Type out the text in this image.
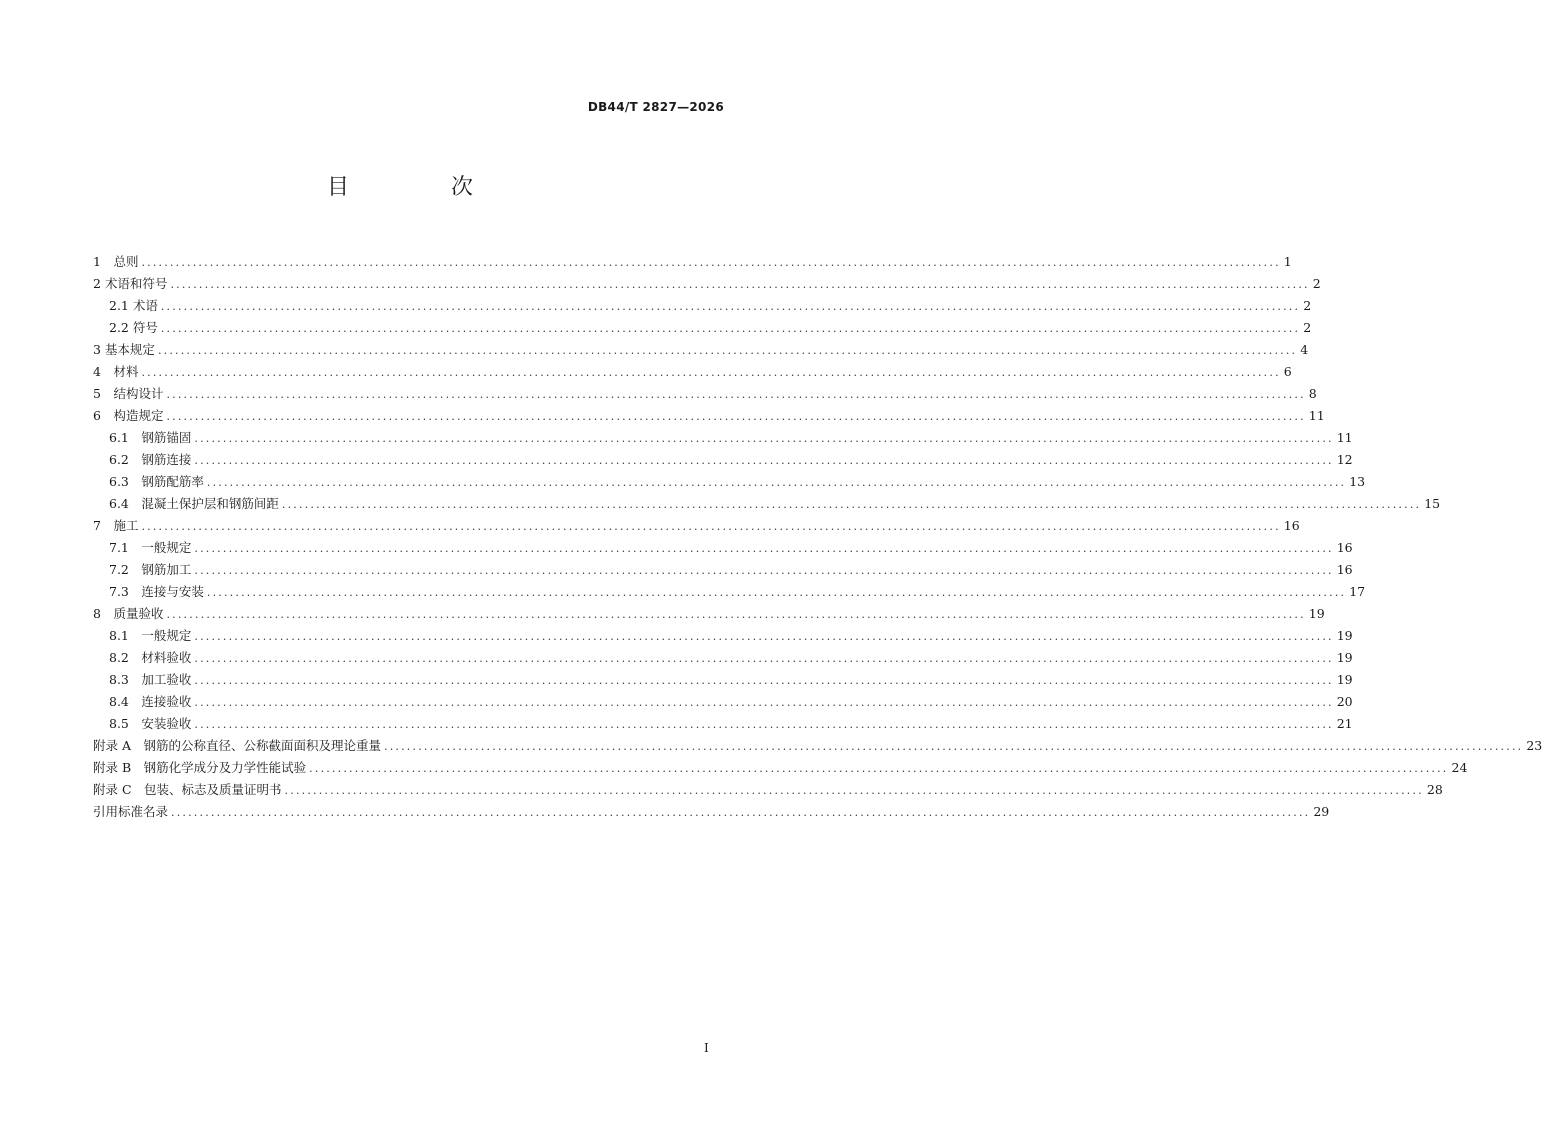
DB44/T 2827—2026
目　次
1　总则 ........................................................................................................................................................................................................ 1
2 术语和符号 ........................................................................................................................................................................................................ 2
2.1 术语 ........................................................................................................................................................................................................ 2
2.2 符号 ........................................................................................................................................................................................................ 2
3 基本规定 ........................................................................................................................................................................................................ 4
4　材料 ........................................................................................................................................................................................................ 6
5　结构设计 ........................................................................................................................................................................................................ 8
6　构造规定 ........................................................................................................................................................................................................ 11
6.1　钢筋锚固 ........................................................................................................................................................................................................ 11
6.2　钢筋连接 ........................................................................................................................................................................................................ 12
6.3　钢筋配筋率 ........................................................................................................................................................................................................ 13
6.4　混凝土保护层和钢筋间距 ........................................................................................................................................................................................................ 15
7　施工 ........................................................................................................................................................................................................ 16
7.1　一般规定 ........................................................................................................................................................................................................ 16
7.2　钢筋加工 ........................................................................................................................................................................................................ 16
7.3　连接与安装 ........................................................................................................................................................................................................ 17
8　质量验收 ........................................................................................................................................................................................................ 19
8.1　一般规定 ........................................................................................................................................................................................................ 19
8.2　材料验收 ........................................................................................................................................................................................................ 19
8.3　加工验收 ........................................................................................................................................................................................................ 19
8.4　连接验收 ........................................................................................................................................................................................................ 20
8.5　安装验收 ........................................................................................................................................................................................................ 21
附录 A　钢筋的公称直径、公称截面面积及理论重量 ........................................................................................................................................................................................................ 23
附录 B　钢筋化学成分及力学性能试验 ........................................................................................................................................................................................................ 24
附录 C　包装、标志及质量证明书 ........................................................................................................................................................................................................ 28
引用标准名录 ........................................................................................................................................................................................................ 29
I
